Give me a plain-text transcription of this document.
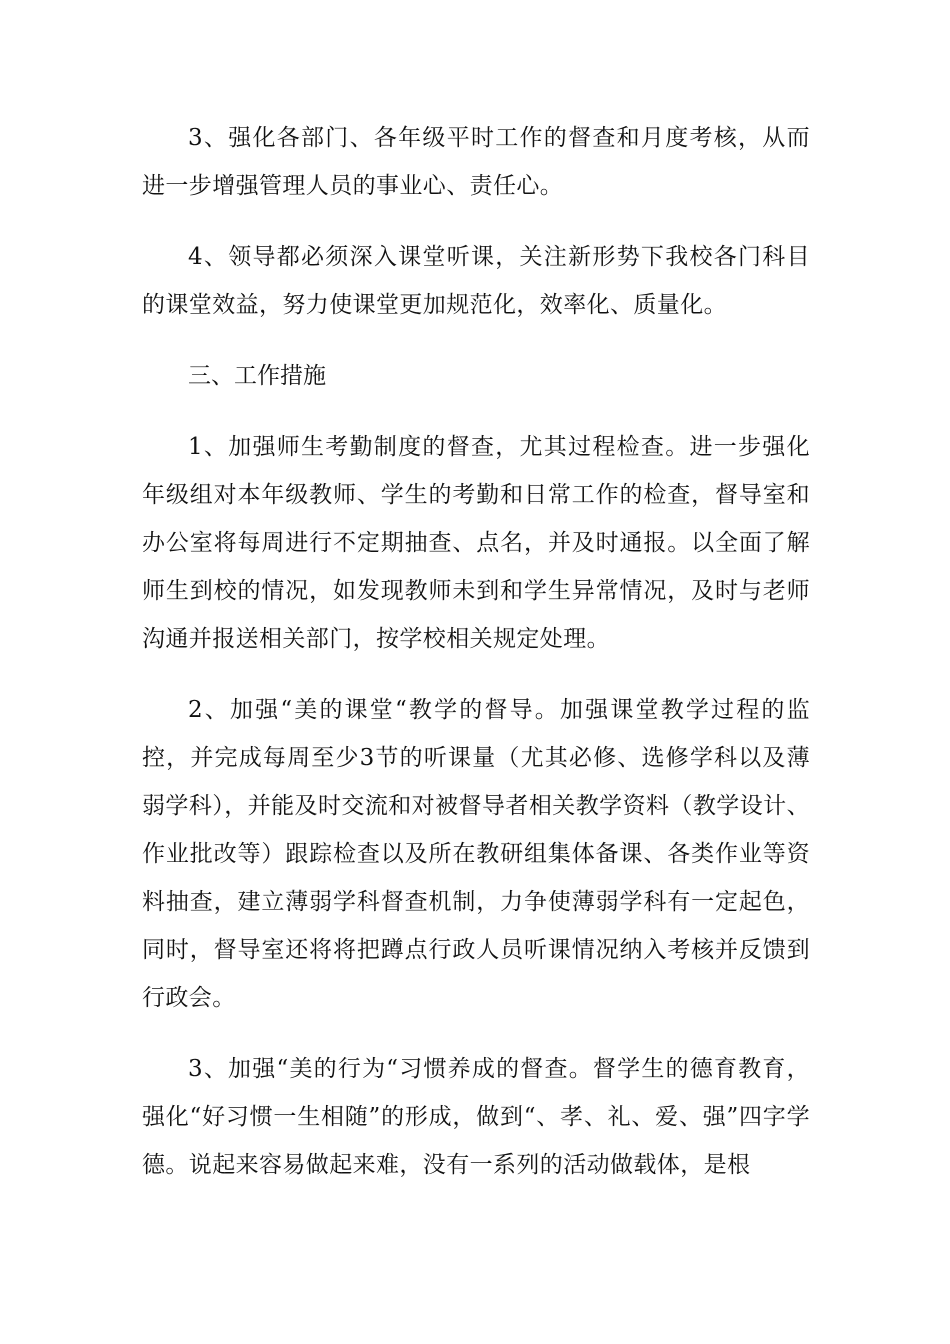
3、强化各部门、各年级平时工作的督查和月度考核，从而进一步增强管理人员的事业心、责任心。

4、领导都必须深入课堂听课，关注新形势下我校各门科目的课堂效益，努力使课堂更加规范化，效率化、质量化。

三、工作措施

1、加强师生考勤制度的督查，尤其过程检查。进一步强化年级组对本年级教师、学生的考勤和日常工作的检查，督导室和办公室将每周进行不定期抽查、点名，并及时通报。以全面了解师生到校的情况，如发现教师未到和学生异常情况，及时与老师沟通并报送相关部门，按学校相关规定处理。

2、加强“美的课堂“教学的督导。加强课堂教学过程的监控，并完成每周至少3节的听课量（尤其必修、选修学科以及薄弱学科），并能及时交流和对被督导者相关教学资料（教学设计、作业批改等）跟踪检查以及所在教研组集体备课、各类作业等资料抽查，建立薄弱学科督查机制，力争使薄弱学科有一定起色，同时，督导室还将将把蹲点行政人员听课情况纳入考核并反馈到行政会。

3、加强“美的行为“习惯养成的督查。督学生的德育教育，强化“好习惯一生相随”的形成，做到“、孝、礼、爱、强”四字学德。说起来容易做起来难，没有一系列的活动做载体，是根
